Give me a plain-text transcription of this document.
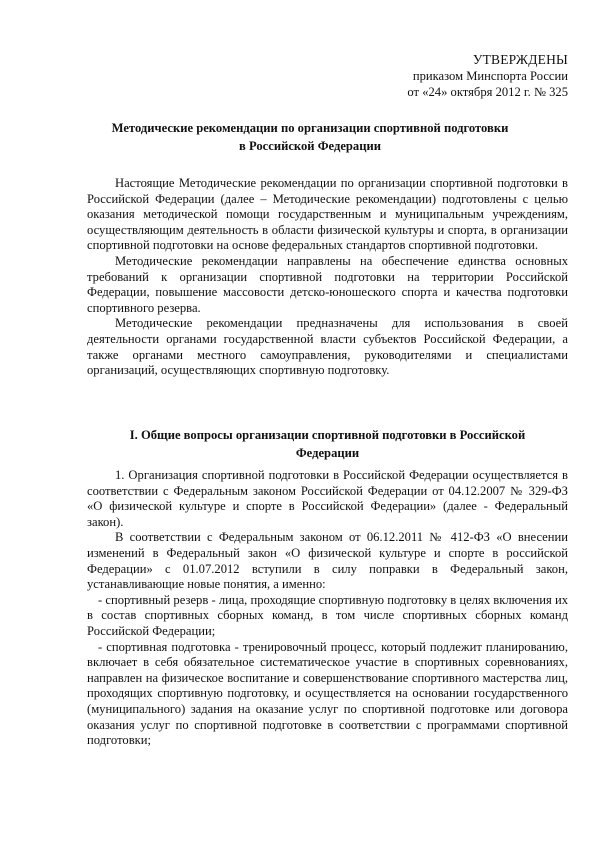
УТВЕРЖДЕНЫ
приказом Минспорта России
от «24» октября 2012 г. № 325
Методические рекомендации по организации спортивной подготовки
в Российской Федерации

Настоящие Методические рекомендации по организации спортивной подготовки в Российской Федерации (далее – Методические рекомендации) подготовлены с целью оказания методической помощи государственным и муниципальным учреждениям, осуществляющим деятельность в области физической культуры и спорта, в организации спортивной подготовки на основе федеральных стандартов спортивной подготовки.

Методические рекомендации направлены на обеспечение единства основных требований к организации спортивной подготовки на территории Российской Федерации, повышение массовости детско-юношеского спорта и качества подготовки спортивного резерва.

Методические рекомендации предназначены для использования в своей деятельности органами государственной власти субъектов Российской Федерации, а также органами местного самоуправления, руководителями и специалистами организаций, осуществляющих спортивную подготовку.

I. Общие вопросы организации спортивной подготовки в Российской
Федерации

1. Организация спортивной подготовки в Российской Федерации осуществляется в соответствии с Федеральным законом Российской Федерации от 04.12.2007 № 329-ФЗ «О физической культуре и спорте в Российской Федерации» (далее - Федеральный закон).

В соответствии с Федеральным законом от 06.12.2011 № 412-ФЗ «О внесении изменений в Федеральный закон «О физической культуре и спорте в российской Федерации» с 01.07.2012 вступили в силу поправки в Федеральный закон, устанавливающие новые понятия, а именно:

- спортивный резерв - лица, проходящие спортивную подготовку в целях включения их в состав спортивных сборных команд, в том числе спортивных сборных команд Российской Федерации;

- спортивная подготовка - тренировочный процесс, который подлежит планированию, включает в себя обязательное систематическое участие в спортивных соревнованиях, направлен на физическое воспитание и совершенствование спортивного мастерства лиц, проходящих спортивную подготовку, и осуществляется на основании государственного (муниципального) задания на оказание услуг по спортивной подготовке или договора оказания услуг по спортивной подготовке в соответствии с программами спортивной подготовки;
